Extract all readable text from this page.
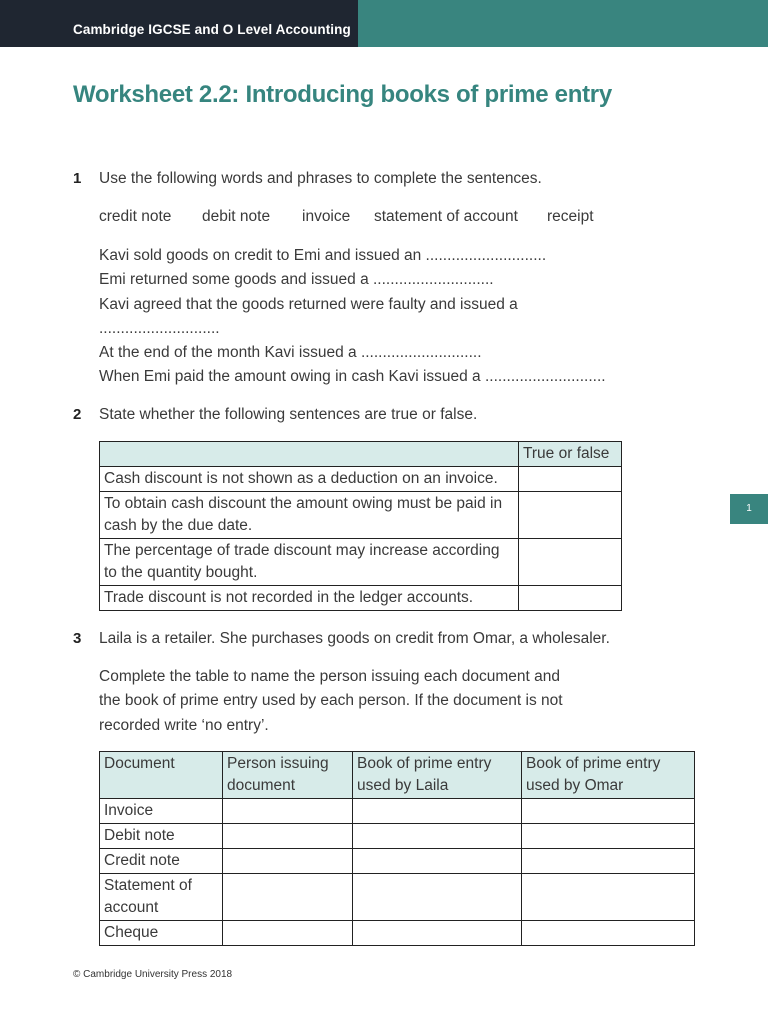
Cambridge IGCSE and O Level Accounting
Worksheet 2.2: Introducing books of prime entry
1 Use the following words and phrases to complete the sentences.
credit note debit note invoice statement of account receipt
Kavi sold goods on credit to Emi and issued an ............................
Emi returned some goods and issued a ............................
Kavi agreed that the goods returned were faulty and issued a
............................
At the end of the month Kavi issued a ............................
When Emi paid the amount owing in cash Kavi issued a ............................
2 State whether the following sentences are true or false.
	True or false
Cash discount is not shown as a deduction on an invoice.	
To obtain cash discount the amount owing must be paid in cash by the due date.	
The percentage of trade discount may increase according to the quantity bought.	
Trade discount is not recorded in the ledger accounts.	
3 Laila is a retailer. She purchases goods on credit from Omar, a wholesaler.
Complete the table to name the person issuing each document and
the book of prime entry used by each person. If the document is not
recorded write ‘no entry’.
Document	Person issuing document	Book of prime entry used by Laila	Book of prime entry used by Omar
Invoice			
Debit note			
Credit note			
Statement of account			
Cheque			
1
© Cambridge University Press 2018
